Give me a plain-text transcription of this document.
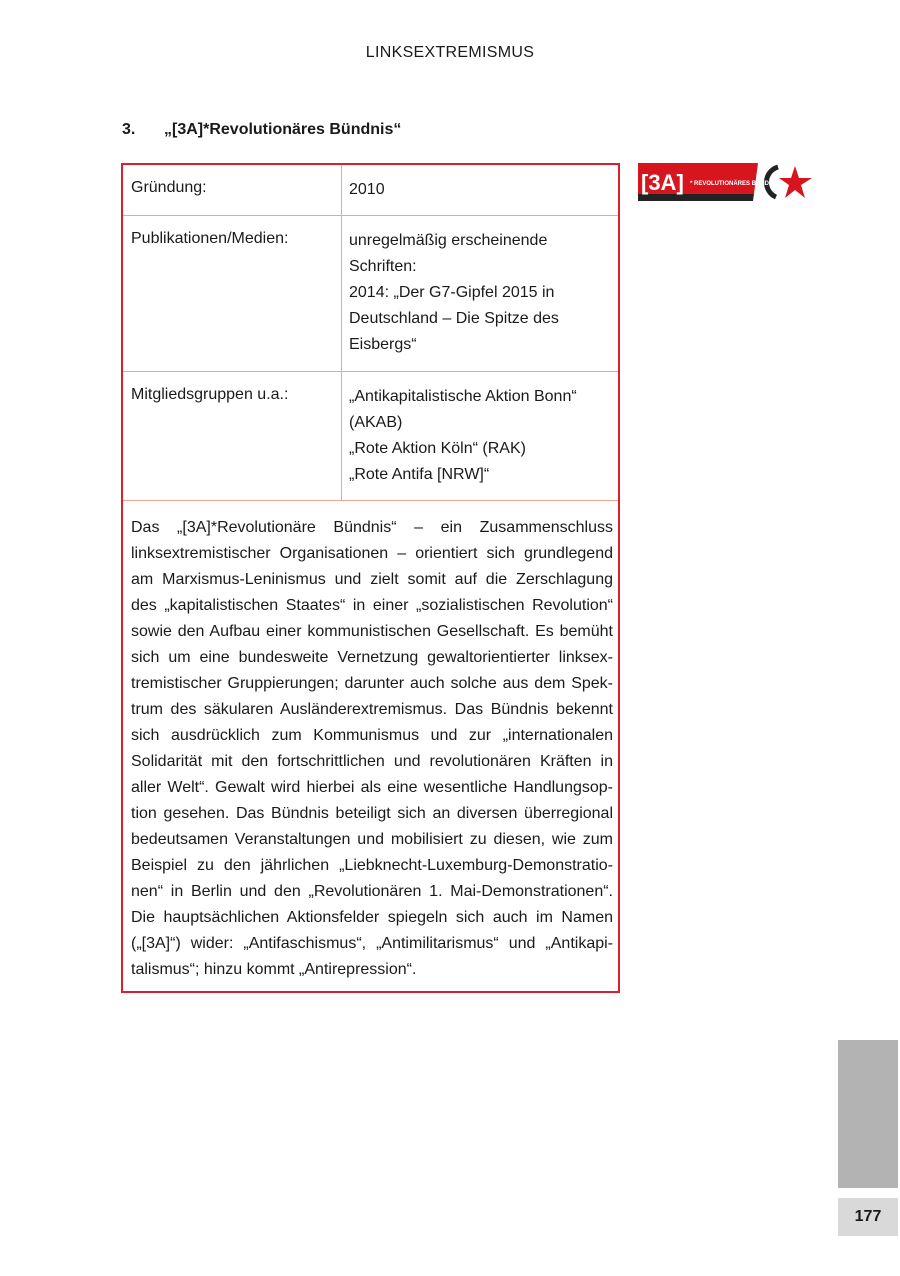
LINKSEXTREMISMUS
3. „[3A]*Revolutionäres Bündnis“
Gründung:	2010
Publikationen/Medien:	unregelmäßig erscheinende
Schriften:
2014: „Der G7-Gipfel 2015 in
Deutschland – Die Spitze des
Eisbergs“
Mitgliedsgruppen u.a.:	„Antikapitalistische Aktion Bonn“
(AKAB)
„Rote Aktion Köln“ (RAK)
„Rote Antifa [NRW]“
Das „[3A]*Revolutionäre Bündnis“ – ein Zusammenschluss
linksextremistischer Organisationen – orientiert sich grundlegend
am Marxismus-Leninismus und zielt somit auf die Zerschlagung
des „kapitalistischen Staates“ in einer „sozialistischen Revolution“
sowie den Aufbau einer kommunistischen Gesellschaft. Es bemüht
sich um eine bundesweite Vernetzung gewaltorientierter linksex-
tremistischer Gruppierungen; darunter auch solche aus dem Spek-
trum des säkularen Ausländerextremismus. Das Bündnis bekennt
sich ausdrücklich zum Kommunismus und zur „internationalen
Solidarität mit den fortschrittlichen und revolutionären Kräften in
aller Welt“. Gewalt wird hierbei als eine wesentliche Handlungsop-
tion gesehen. Das Bündnis beteiligt sich an diversen überregional
bedeutsamen Veranstaltungen und mobilisiert zu diesen, wie zum
Beispiel zu den jährlichen „Liebknecht-Luxemburg-Demonstratio-
nen“ in Berlin und den „Revolutionären 1. Mai-Demonstrationen“.
Die hauptsächlichen Aktionsfelder spiegeln sich auch im Namen
(„[3A]“) wider: „Antifaschismus“, „Antimilitarismus“ und „Antikapi-
talismus“; hinzu kommt „Antirepression“.
[3A] * REVOLUTIONÄRES BÜNDNIS
177
